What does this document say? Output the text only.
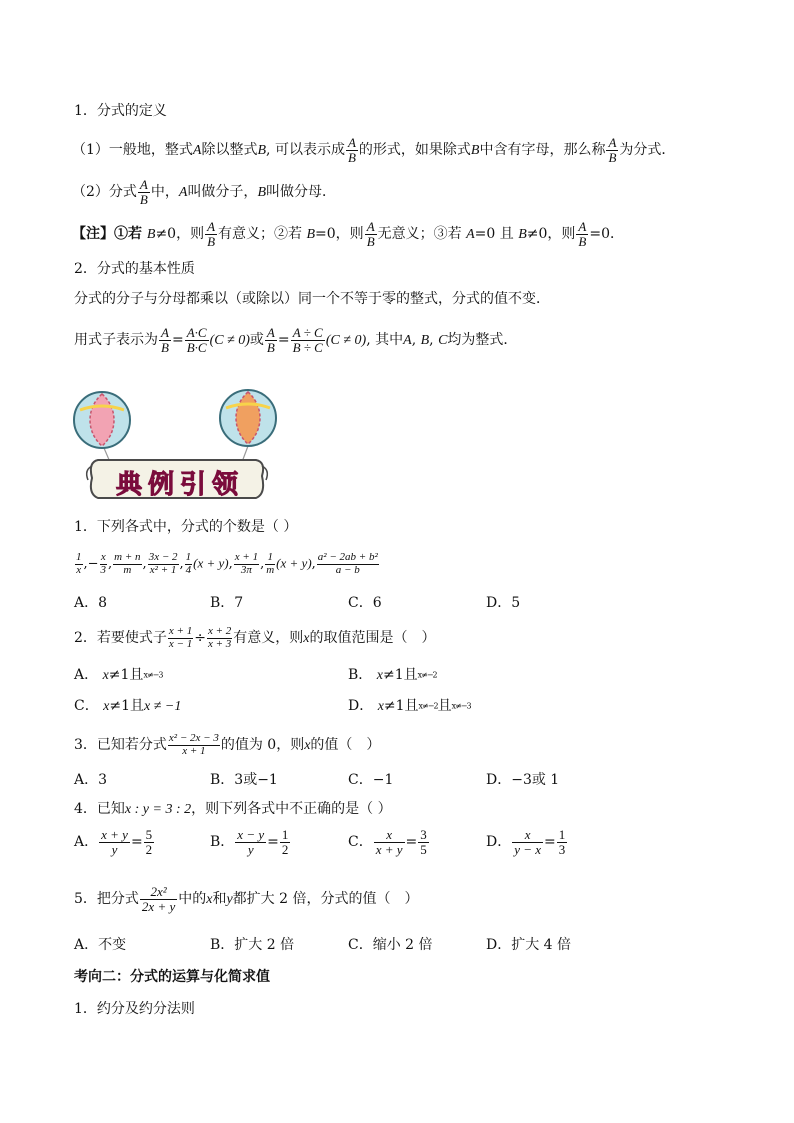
1．分式的定义
（1）一般地，整式A除以整式B, 可以表示成 $\frac{A}{B}$ 的形式，如果除式B中含有字母，那么称 $\frac{A}{B}$ 为分式．
（2）分式 $\frac{A}{B}$ 中，A叫做分子，B叫做分母．
【注】①若 B≠0，则 $\frac{A}{B}$ 有意义；②若 B=0，则 $\frac{A}{B}$ 无意义；③若 A=0 且 B≠0，则 $\frac{A}{B} =0$．
2．分式的基本性质
分式的分子与分母都乘以（或除以）同一个不等于零的整式，分式的值不变．
用式子表示为 $\frac{A}{B} = \frac{A\cdot C}{B\cdot C} (C \ne 0)$或 $\frac{A}{B} = \frac{A \div C}{B \div C} (C \ne 0)$, 其中A, B, C均为整式．
典例引领
1．下列各式中，分式的个数是（ ）
$\frac{1}{x}$ ,− $\frac{x}{3}$ , $\frac{m + n}{m}$ , $\frac{3x - 2}{\text{x² + 1}}$ , $\frac{1}{4} (x + y)$, $\frac{x + 1}{3\pi}$ , $\frac{1}{m} (x + y)$, $\frac{\text{a² − 2ab + b²}}{a - b}$
A．8	B．7	C．6	D．5
2．若要使式子 $\frac{x + 1}{x - 1} \div \frac{x + 2}{x + 3}$ 有意义，则x的取值范围是（　）
A． x≠1且x≠−3	B． x≠1且x≠−2
C． x≠1且x ≠ −1	D． x≠1且x≠−2且x≠−3
3．已知若分式 $\frac{\text{x² − 2x − 3}}{x + 1}$ 的值为 0，则x的值（　）
A．3	B．3或−1	C．−1	D．−3或 1
4．已知x : y = 3 : 2，则下列各式中不正确的是（ ）
A． $\frac{x + y}{y} = \frac{5}{2}$	B． $\frac{x - y}{y} = \frac{1}{2}$	C． $\frac{x}{x + y} = \frac{3}{5}$	D． $\frac{x}{y - x} = \frac{1}{3}$
5．把分式 $\frac{\text{2x²}}{2x + y}$ 中的x和y都扩大 2 倍，分式的值（　）
A．不变	B．扩大 2 倍	C．缩小 2 倍	D．扩大 4 倍
考向二：分式的运算与化简求值
1．约分及约分法则
